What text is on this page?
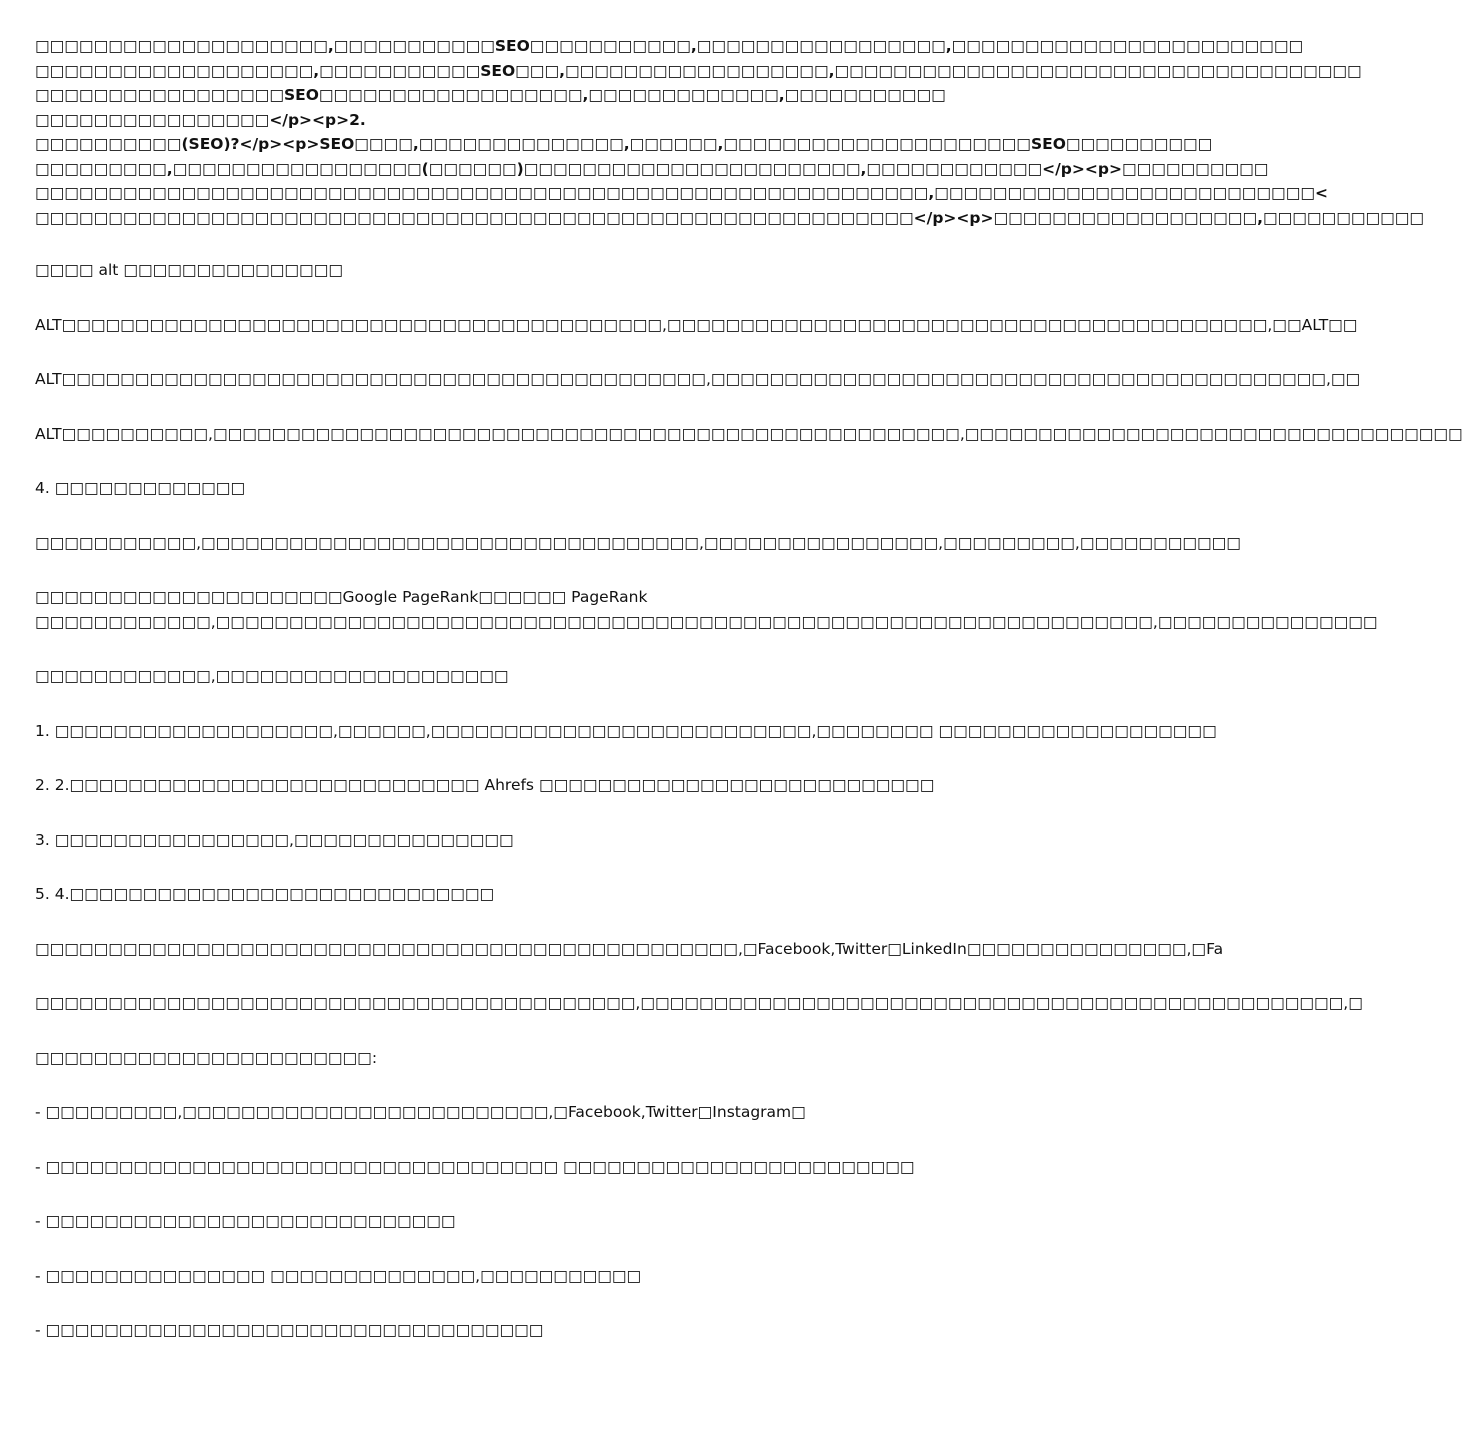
□□□□□□□□□□□□□□□□□□□□,□□□□□□□□□□□SEO□□□□□□□□□□□,□□□□□□□□□□□□□□□□□,□□□□□□□□□□□□□□□□□□□□□□□□
□□□□□□□□□□□□□□□□□□□,□□□□□□□□□□□SEO□□□,□□□□□□□□□□□□□□□□□□,□□□□□□□□□□□□□□□□□□□□□□□□□□□□□□□□□□□□
□□□□□□□□□□□□□□□□□SEO□□□□□□□□□□□□□□□□□□,□□□□□□□□□□□□□,□□□□□□□□□□□
□□□□□□□□□□□□□□□□</p><p>2.
□□□□□□□□□□(SEO)?</p><p>SEO□□□□,□□□□□□□□□□□□□□,□□□□□□,□□□□□□□□□□□□□□□□□□□□□SEO□□□□□□□□□□
□□□□□□□□□,□□□□□□□□□□□□□□□□□(□□□□□□)□□□□□□□□□□□□□□□□□□□□□□□,□□□□□□□□□□□□</p><p>□□□□□□□□□□
□□□□□□□□□□□□□□□□□□□□□□□□□□□□□□□□□□□□□□□□□□□□□□□□□□□□□□□□□□□□□,□□□□□□□□□□□□□□□□□□□□□□□□□□<
□□□□□□□□□□□□□□□□□□□□□□□□□□□□□□□□□□□□□□□□□□□□□□□□□□□□□□□□□□□□</p><p>□□□□□□□□□□□□□□□□□□,□□□□□□□□□□□
□□□□ alt □□□□□□□□□□□□□□□
ALT□□□□□□□□□□□□□□□□□□□□□□□□□□□□□□□□□□□□□□□□□,□□□□□□□□□□□□□□□□□□□□□□□□□□□□□□□□□□□□□□□□□,□□ALT□□
ALT□□□□□□□□□□□□□□□□□□□□□□□□□□□□□□□□□□□□□□□□□□□□,□□□□□□□□□□□□□□□□□□□□□□□□□□□□□□□□□□□□□□□□□□,□□
ALT□□□□□□□□□□,□□□□□□□□□□□□□□□□□□□□□□□□□□□□□□□□□□□□□□□□□□□□□□□□□□□,□□□□□□□□□□□□□□□□□□□□□□□□□□□□□□□□□□
4. □□□□□□□□□□□□□
□□□□□□□□□□□,□□□□□□□□□□□□□□□□□□□□□□□□□□□□□□□□□□,□□□□□□□□□□□□□□□□,□□□□□□□□□,□□□□□□□□□□□
□□□□□□□□□□□□□□□□□□□□□Google PageRank□□□□□□ PageRank
□□□□□□□□□□□□,□□□□□□□□□□□□□□□□□□□□□□□□□□□□□□□□□□□□□□□□□□□□□□□□□□□□□□□□□□□□□□□□,□□□□□□□□□□□□□□□
□□□□□□□□□□□□,□□□□□□□□□□□□□□□□□□□□
1. □□□□□□□□□□□□□□□□□□□,□□□□□□,□□□□□□□□□□□□□□□□□□□□□□□□□□,□□□□□□□□ □□□□□□□□□□□□□□□□□□□
2. 2.□□□□□□□□□□□□□□□□□□□□□□□□□□□□ Ahrefs □□□□□□□□□□□□□□□□□□□□□□□□□□□
3. □□□□□□□□□□□□□□□□,□□□□□□□□□□□□□□□
5. 4.□□□□□□□□□□□□□□□□□□□□□□□□□□□□□
□□□□□□□□□□□□□□□□□□□□□□□□□□□□□□□□□□□□□□□□□□□□□□□□,□Facebook,Twitter□LinkedIn□□□□□□□□□□□□□□□,□Fa
□□□□□□□□□□□□□□□□□□□□□□□□□□□□□□□□□□□□□□□□□,□□□□□□□□□□□□□□□□□□□□□□□□□□□□□□□□□□□□□□□□□□□□□□□□,□
□□□□□□□□□□□□□□□□□□□□□□□:
- □□□□□□□□□,□□□□□□□□□□□□□□□□□□□□□□□□□,□Facebook,Twitter□Instagram□
- □□□□□□□□□□□□□□□□□□□□□□□□□□□□□□□□□□□ □□□□□□□□□□□□□□□□□□□□□□□□
- □□□□□□□□□□□□□□□□□□□□□□□□□□□□
- □□□□□□□□□□□□□□□ □□□□□□□□□□□□□□,□□□□□□□□□□□
- □□□□□□□□□□□□□□□□□□□□□□□□□□□□□□□□□□
